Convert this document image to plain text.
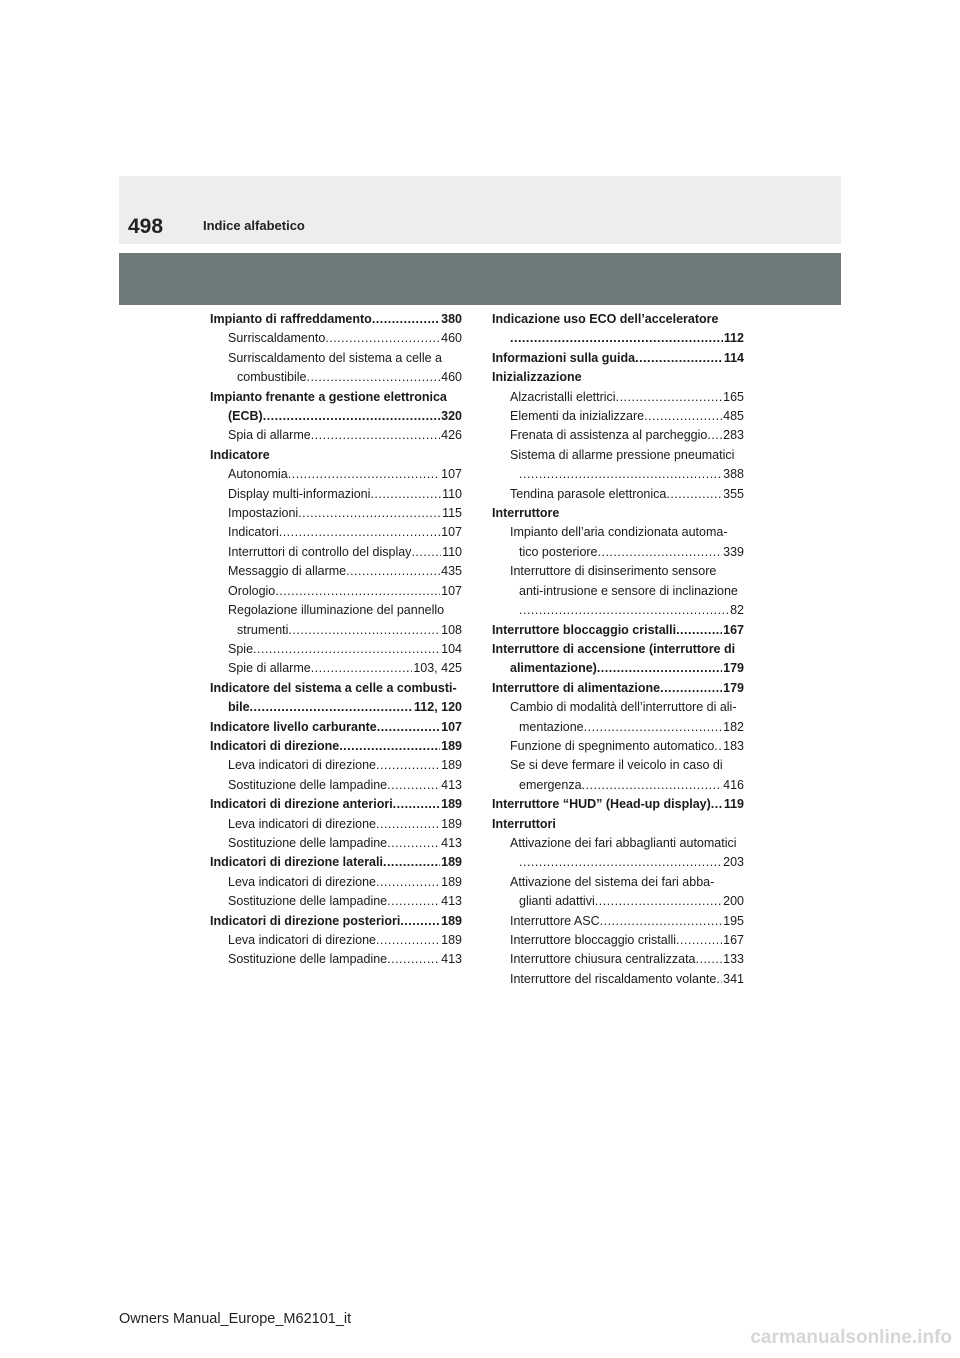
498	Indice alfabetico
Impianto di raffreddamento .....	380
Surriscaldamento .....	460
Surriscaldamento del sistema a celle a
combustibile .....	460
Impianto frenante a gestione elettronica
(ECB) .....	320
Spia di allarme .....	426
Indicatore
Autonomia .....	107
Display multi-informazioni .....	110
Impostazioni .....	115
Indicatori .....	107
Interruttori di controllo del display ..... 110
Messaggio di allarme .....	435
Orologio .....	107
Regolazione illuminazione del pannello
strumenti .....	108
Spie .....	104
Spie di allarme .....	103, 425
Indicatore del sistema a celle a combusti-
bile .....	112, 120
Indicatore livello carburante .....	107
Indicatori di direzione .....	189
Leva indicatori di direzione .....	189
Sostituzione delle lampadine .....	413
Indicatori di direzione anteriori .....	189
Leva indicatori di direzione .....	189
Sostituzione delle lampadine .....	413
Indicatori di direzione laterali .....	189
Leva indicatori di direzione .....	189
Sostituzione delle lampadine .....	413
Indicatori di direzione posteriori .....	189
Leva indicatori di direzione .....	189
Sostituzione delle lampadine .....	413
Indicazione uso ECO dell’acceleratore
.....
112
Informazioni sulla guida .....	114
Inizializzazione
Alzacristalli elettrici .....	165
Elementi da inizializzare .....	485
Frenata di assistenza al parcheggio ..... 283
Sistema di allarme pressione pneumatici
.....
388
Tendina parasole elettronica .....	355
Interruttore
Impianto dell’aria condizionata automa-
tico posteriore .....	339
Interruttore di disinserimento sensore
anti-intrusione e sensore di inclinazione
.....
82
Interruttore bloccaggio cristalli .....	167
Interruttore di accensione (interruttore di
alimentazione) .....	179
Interruttore di alimentazione .....	179
Cambio di modalità dell’interruttore di ali-
mentazione .....	182
Funzione di spegnimento automatico ..... 183
Se si deve fermare il veicolo in caso di
emergenza .....	416
Interruttore “HUD” (Head-up display) ..... 119
Interruttori
Attivazione dei fari abbaglianti automatici
.....
203
Attivazione del sistema dei fari abba-
glianti adattivi .....	200
Interruttore ASC .....	195
Interruttore bloccaggio cristalli .....	167
Interruttore chiusura centralizzata ..... 133
Interruttore del riscaldamento volante ..... 341
Owners Manual_Europe_M62101_it
carmanualsonline.info
